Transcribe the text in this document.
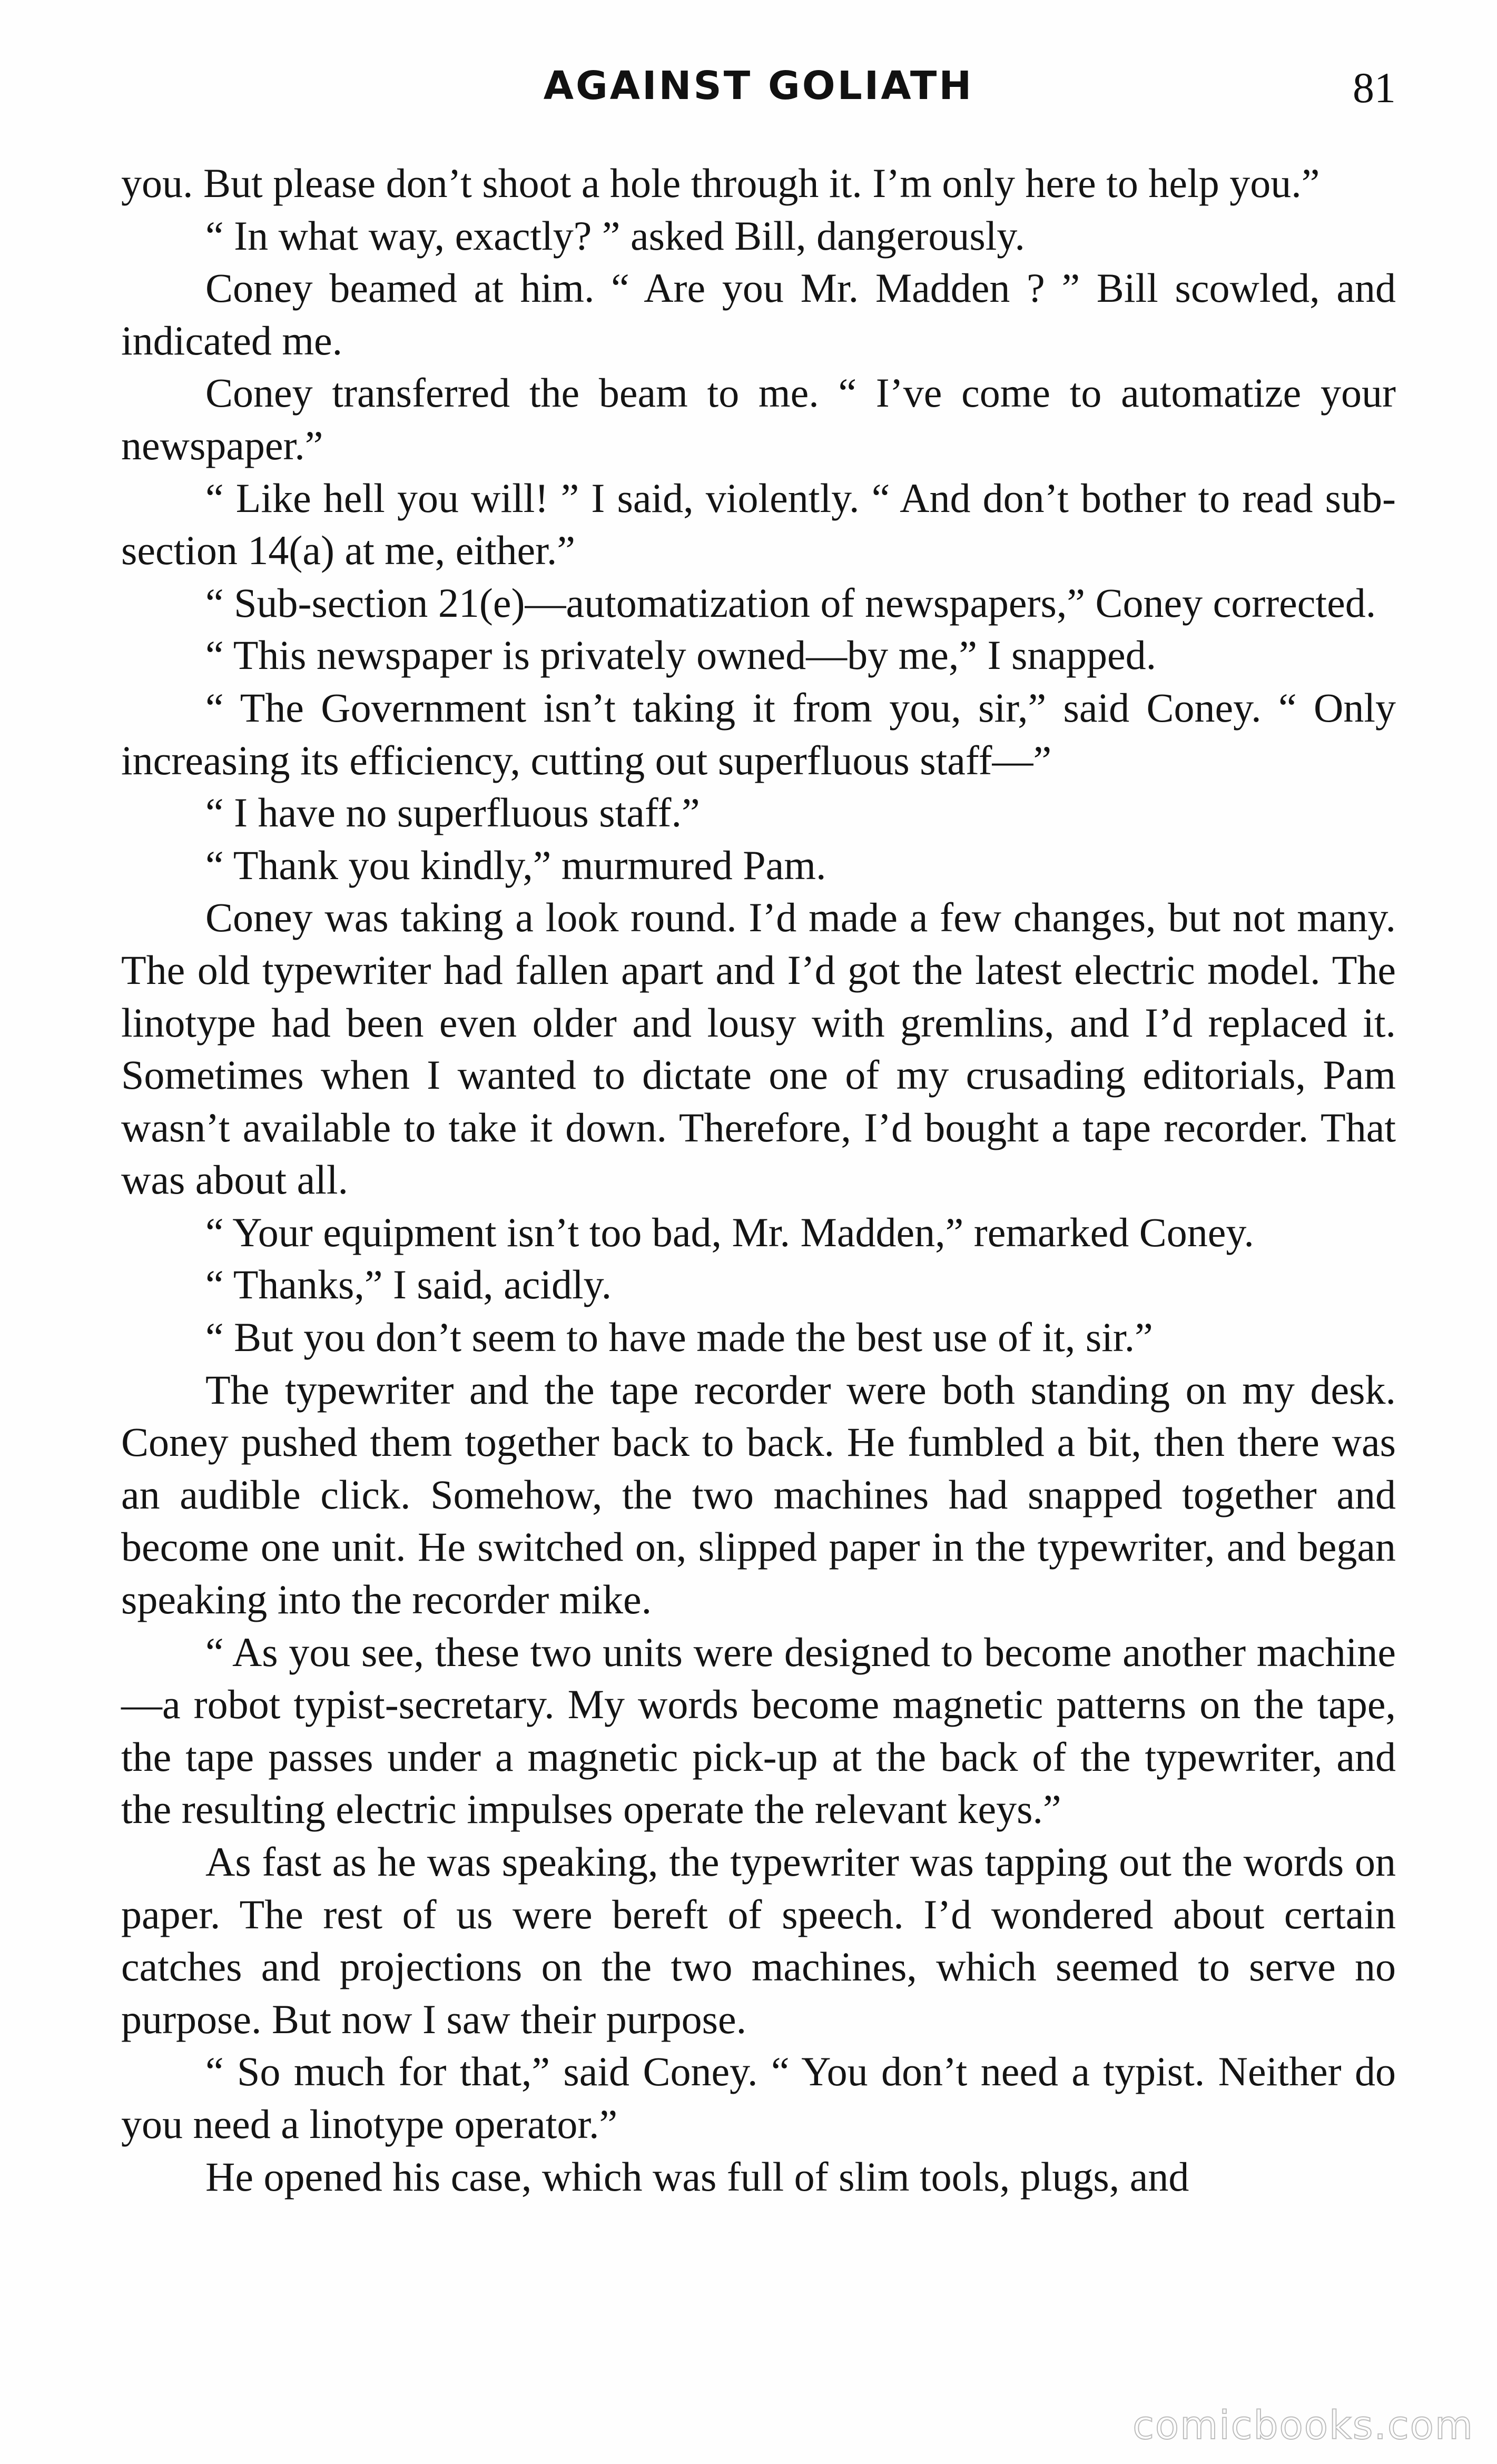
AGAINST GOLIATH	81

you. But please don’t shoot a hole through it. I’m only here to help you.”

“ In what way, exactly? ” asked Bill, dangerously.

Coney beamed at him. “ Are you Mr. Madden ? ” Bill scowled, and indicated me.

Coney transferred the beam to me. “ I’ve come to automatize your newspaper.”

“ Like hell you will! ” I said, violently. “ And don’t bother to read sub-section 14(a) at me, either.”

“ Sub-section 21(e)—automatization of newspapers,” Coney corrected.

“ This newspaper is privately owned—by me,” I snapped.

“ The Government isn’t taking it from you, sir,” said Coney. “ Only increasing its efficiency, cutting out superfluous staff—”

“ I have no superfluous staff.”

“ Thank you kindly,” murmured Pam.

Coney was taking a look round. I’d made a few changes, but not many. The old typewriter had fallen apart and I’d got the latest electric model. The linotype had been even older and lousy with gremlins, and I’d replaced it. Sometimes when I wanted to dictate one of my crusading editorials, Pam wasn’t available to take it down. Therefore, I’d bought a tape recorder. That was about all.

“ Your equipment isn’t too bad, Mr. Madden,” remarked Coney.

“ Thanks,” I said, acidly.

“ But you don’t seem to have made the best use of it, sir.”

The typewriter and the tape recorder were both standing on my desk. Coney pushed them together back to back. He fumbled a bit, then there was an audible click. Somehow, the two machines had snapped together and become one unit. He switched on, slipped paper in the typewriter, and began speaking into the recorder mike.

“ As you see, these two units were designed to become another machine—a robot typist-secretary. My words become magnetic patterns on the tape, the tape passes under a magnetic pick-up at the back of the typewriter, and the resulting electric impulses operate the relevant keys.”

As fast as he was speaking, the typewriter was tapping out the words on paper. The rest of us were bereft of speech. I’d wondered about certain catches and projections on the two machines, which seemed to serve no purpose. But now I saw their purpose.

“ So much for that,” said Coney. “ You don’t need a typist. Neither do you need a linotype operator.”

He opened his case, which was full of slim tools, plugs, and

comicbooks.com
